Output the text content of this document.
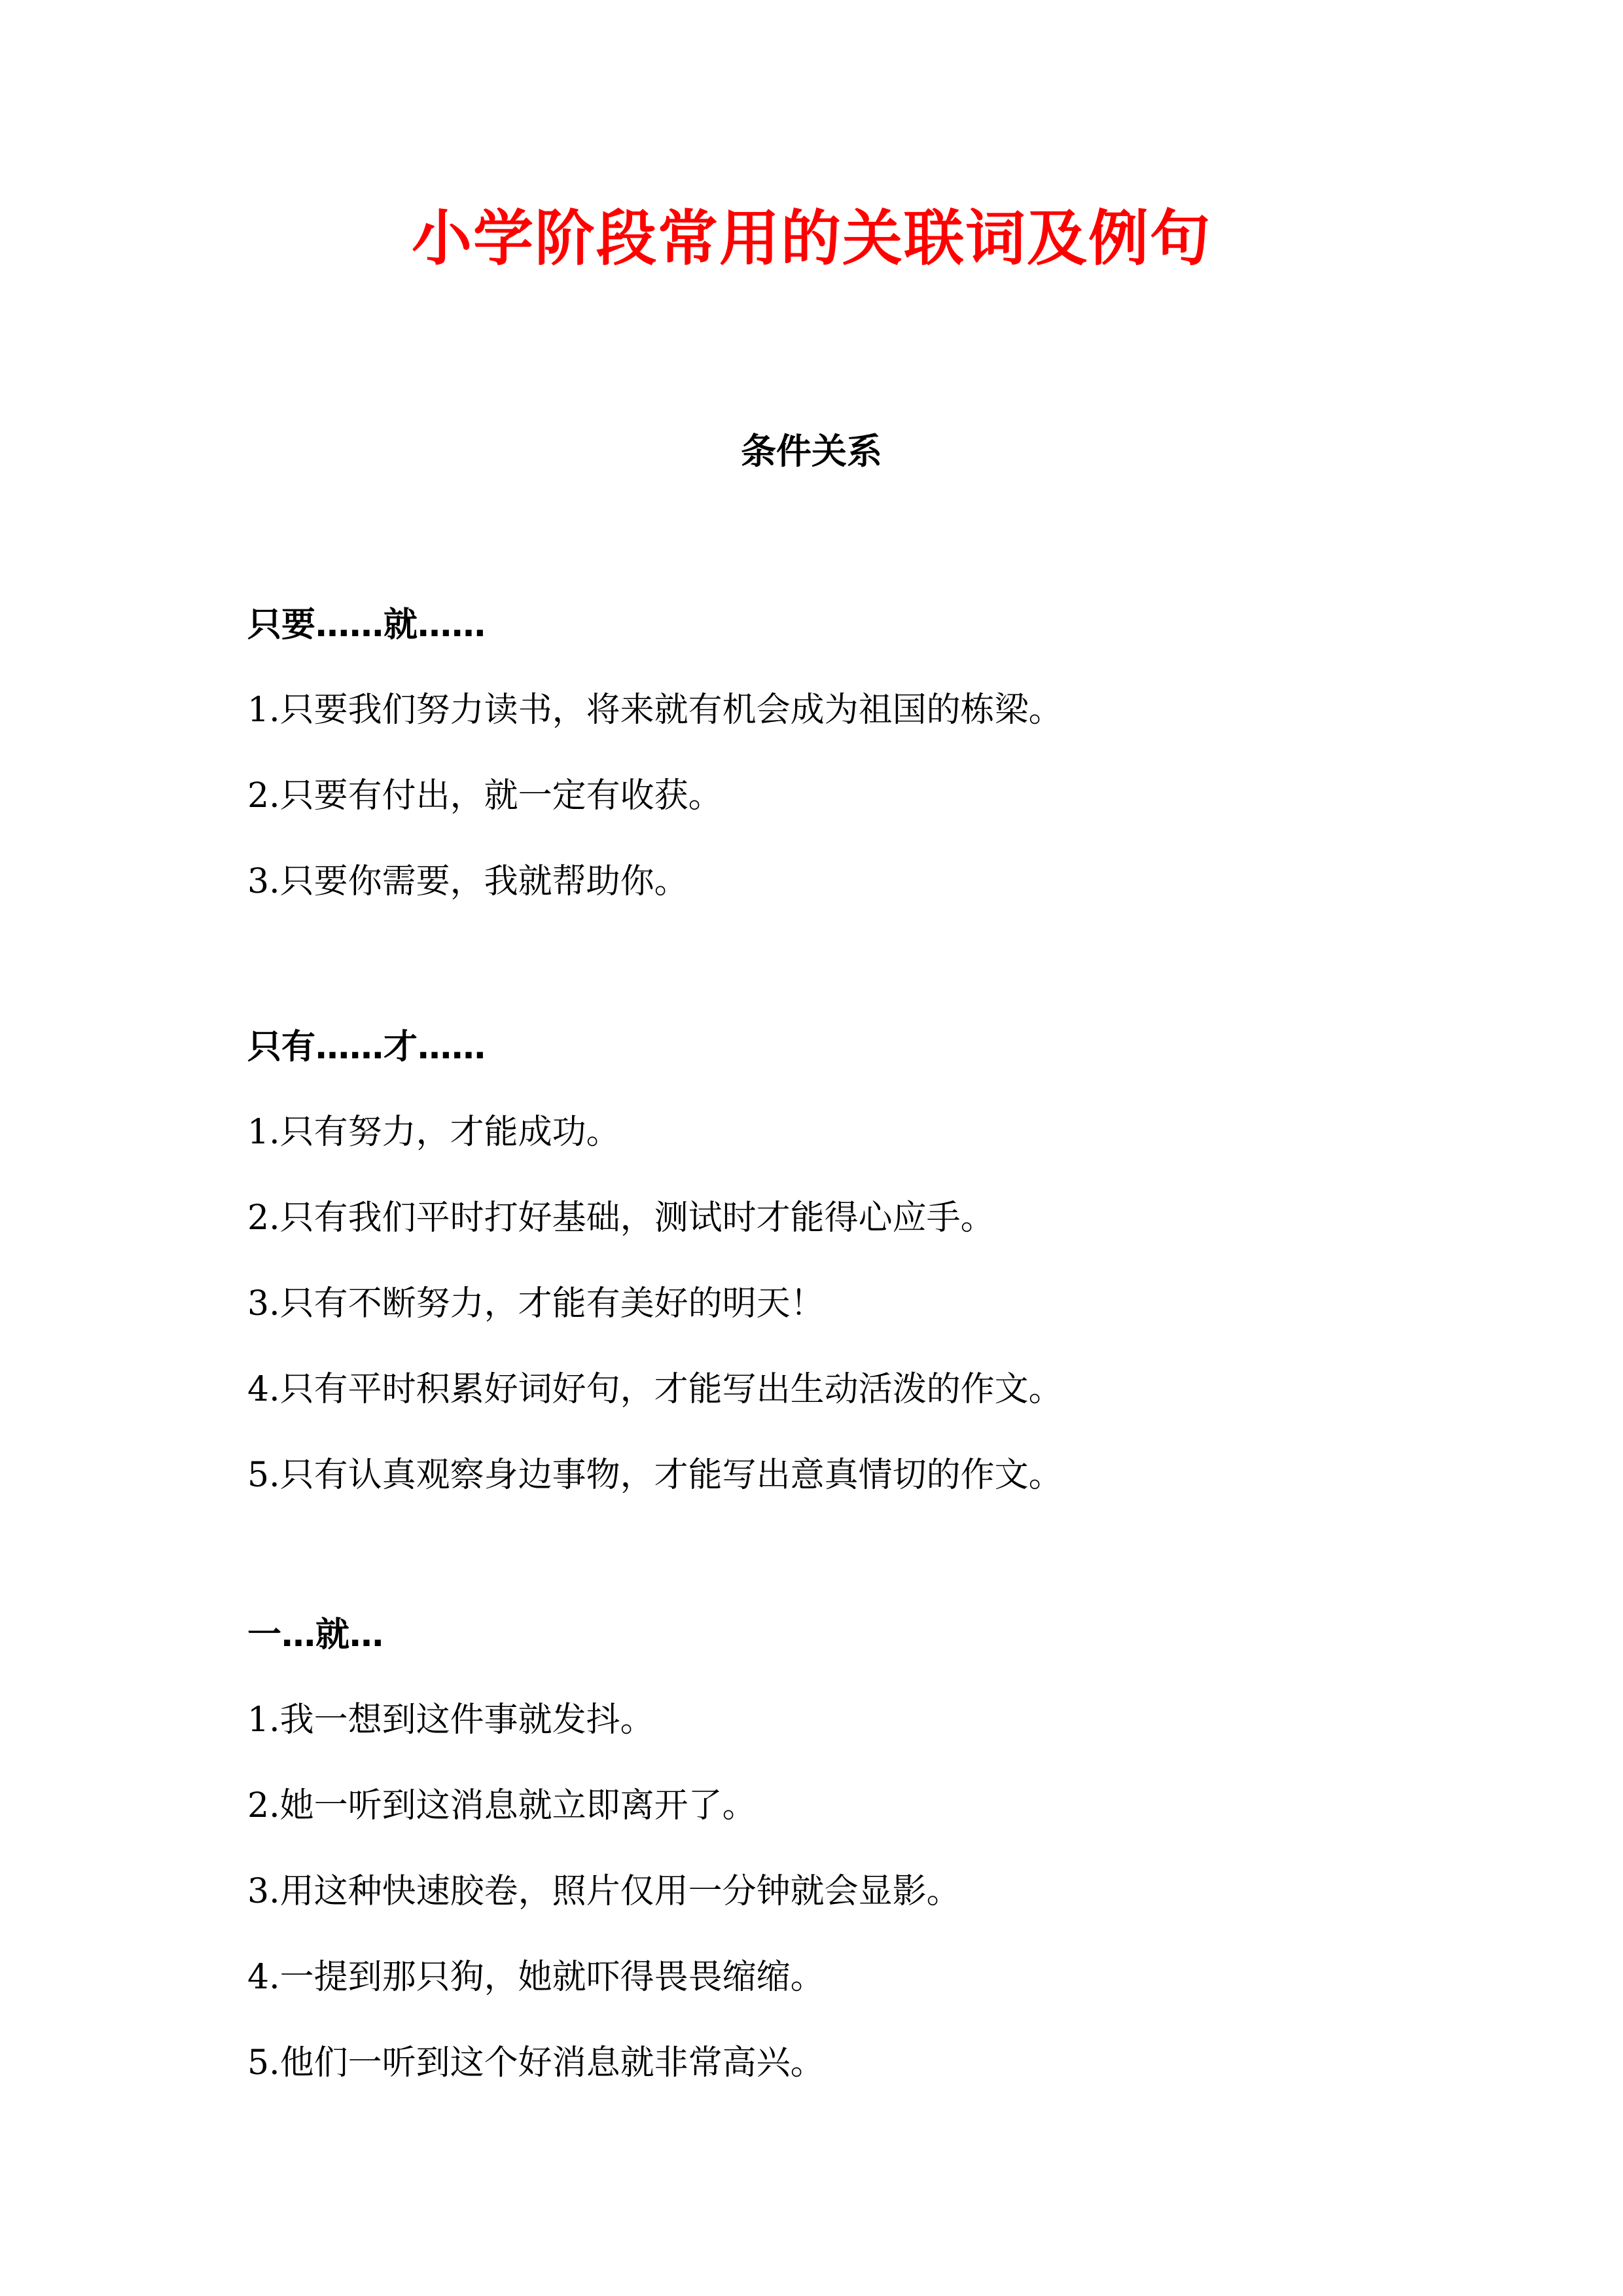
小学阶段常用的关联词及例句
条件关系
只要……就……
1.只要我们努力读书，将来就有机会成为祖国的栋梁。
2.只要有付出，就一定有收获。
3.只要你需要，我就帮助你。
只有……才……
1.只有努力，才能成功。
2.只有我们平时打好基础，测试时才能得心应手。
3.只有不断努力，才能有美好的明天！
4.只有平时积累好词好句，才能写出生动活泼的作文。
5.只有认真观察身边事物，才能写出意真情切的作文。
一…就…
1.我一想到这件事就发抖。
2.她一听到这消息就立即离开了。
3.用这种快速胶卷，照片仅用一分钟就会显影。
4.一提到那只狗，她就吓得畏畏缩缩。
5.他们一听到这个好消息就非常高兴。
